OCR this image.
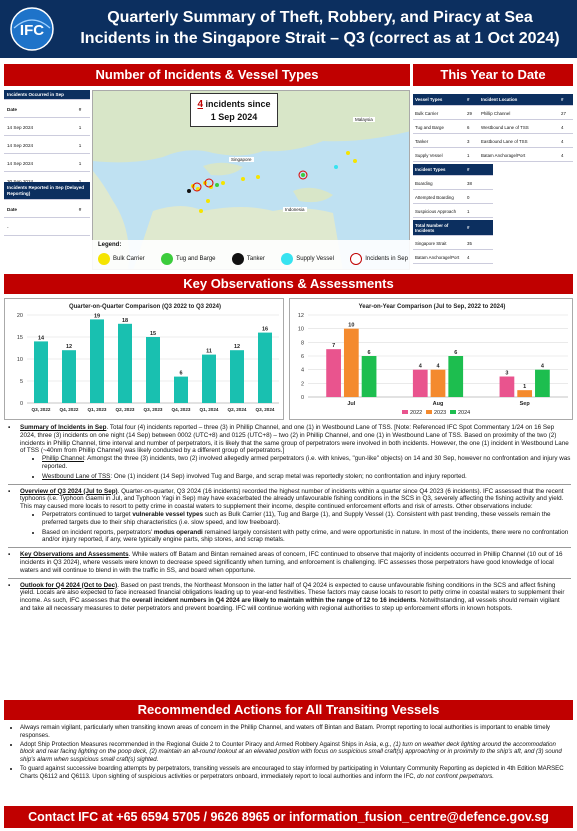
IFC
Quarterly Summary of Theft, Robbery, and Piracy at Sea
Incidents in the Singapore Strait – Q3 (correct as at 1 Oct 2024)
Number of Incidents & Vessel Types	This Year to Date
Incidents Occurred in Sep
Date	#
14 Sep 2024	1
14 Sep 2024	1
14 Sep 2024	1
Incidents Reported in Sep (Delayed Reporting)
Date	#
-
Malaysia
Singapore
Indonesia
4 incidents since
1 Sep 2024
Legend:
Bulk Carrier	Tug and Barge	Tanker	Supply Vessel	Incidents in Sep
Vessel Types	#	Incident Location	#
Bulk Carrier	29	Phillip Channel	27
Tug and Barge	6	Westbound Lane of TSS	4
Tanker	3	Eastbound Lane of TSS	4
Supply Vessel	1	Batam Anchorage/Port	4
Incident Types	#
Boarding	38
Attempted Boarding	0
Suspicious Approach	1
Total Number of Incidents	#
Singapore Strait	35
Batam Anchorage/Port	4
Key Observations & Assessments
Quarter-on-Quarter Comparison (Q3 2022 to Q3 2024)
0
5
10
15
20
14
Q3, 2022
12
Q4, 2022
19
Q1, 2023
18
Q2, 2023
15
Q3, 2023
6
Q4, 2023
11
Q1, 2024
12
Q2, 2024
16
Q3, 2024
Year-on-Year Comparison (Jul to Sep, 2022 to 2024)
0
2
4
6
8
10
12
7
10
6
Jul
4	4
6
Aug
3
1
4
Sep
2022 2023 2024
▪ Summary of Incidents in Sep. Total four (4) incidents reported – three (3) in Phillip Channel, and one (1) in Westbound Lane of TSS. [Note: Referenced IFC Spot Commentary 1/24 on 16 Sep 2024, three (3) incidents on one night (14 Sep) between 0002 (UTC+8) and 0125 (UTC+8) – two (2) in Phillip Channel, and one (1) in Westbound Lane of TSS. Based on proximity of the two (2) incidents in Phillip Channel, time interval and number of perpetrators, it is likely that the same group of perpetrators were involved in both incidents. However, the one (1) incident in Westbound Lane of TSS (~40nm from Phillip Channel) was likely conducted by a different group of perpetrators.]
• Phillip Channel: Amongst the three (3) incidents, two (2) involved allegedly armed perpetrators (i.e. with knives, "gun-like" objects) on 14 and 30 Sep, however no confrontation and injury was reported.
• Westbound Lane of TSS: One (1) incident (14 Sep) involved Tug and Barge, and scrap metal was reportedly stolen; no confrontation and injury reported.
▪ Overview of Q3 2024 (Jul to Sep). Quarter-on-quarter, Q3 2024 (16 incidents) recorded the highest number of incidents within a quarter since Q4 2023 (6 incidents). IFC assessed that the recent typhoons (i.e. Typhoon Gaemi in Jul, and Typhoon Yagi in Sep) may have exacerbated the already unfavourable fishing conditions in the SCS in Q3, severely affecting the fishing activity and yield. This may caused more locals to resort to petty crime in coastal waters to supplement their income, despite continued enforcement efforts and risk of arrests. Other observations include:
• Perpetrators continued to target vulnerable vessel types such as Bulk Carrier (11), Tug and Barge (1), and Supply Vessel (1). Consistent with past trending, these vessels remain the preferred targets due to their ship characteristics (i.e. slow speed, and low freeboard).
• Based on incident reports, perpetrators' modus operandi remained largely consistent with petty crime, and were opportunistic in nature. In most of the incidents, there were no confrontation and/or injury reported, if any, were typically engine parts, ship stores, and scrap metals.
▪ Key Observations and Assessments. While waters off Batam and Bintan remained areas of concern, IFC continued to observe that majority of incidents occurred in Phillip Channel (10 out of 16 incidents in Q3 2024), where vessels were known to decrease speed significantly when turning, and enforcement is challenging. IFC assesses those perpetrators have good knowledge of local waters and will continue to blend in with the traffic in SS, and board when opportune.
▪ Outlook for Q4 2024 (Oct to Dec). Based on past trends, the Northeast Monsoon in the latter half of Q4 2024 is expected to cause unfavourable fishing conditions in the SCS and affect fishing yield. Locals are also expected to face increased financial obligations leading up to year-end festivities. These factors may cause locals to resort to petty crime in coastal waters to supplement their income. As such, IFC assesses that the overall incident numbers in Q4 2024 are likely to maintain within the range of 12 to 16 incidents. Notwithstanding, all vessels should remain vigilant and take all necessary measures to deter perpetrators and prevent boarding. IFC will continue working with regional authorities to step up enforcement efforts in known hotspots.
Recommended Actions for All Transiting Vessels
• Always remain vigilant, particularly when transiting known areas of concern in the Phillip Channel, and waters off Bintan and Batam. Prompt reporting to local authorities is important to enable timely responses.
• Adopt Ship Protection Measures recommended in the Regional Guide 2 to Counter Piracy and Armed Robbery Against Ships in Asia, e.g., (1) turn on weather deck lighting around the accommodation block and rear facing lighting on the poop deck, (2) maintain an all-round lookout at an elevated position with focus on suspicious small craft(s) approaching or in proximity to the ship's aft, and (3) sound ship's alarm when suspicious small craft(s) sighted.
• To guard against successive boarding attempts by perpetrators, transiting vessels are encouraged to stay informed by participating in Voluntary Community Reporting as depicted in 4th Edition MARSEC Charts Q6112 and Q6113. Upon sighting of suspicious activities or perpetrators onboard, immediately report to local authorities and inform the IFC, do not confront perpetrators.
Contact IFC at +65 6594 5705 / 9626 8965 or information_fusion_centre@defence.gov.sg
